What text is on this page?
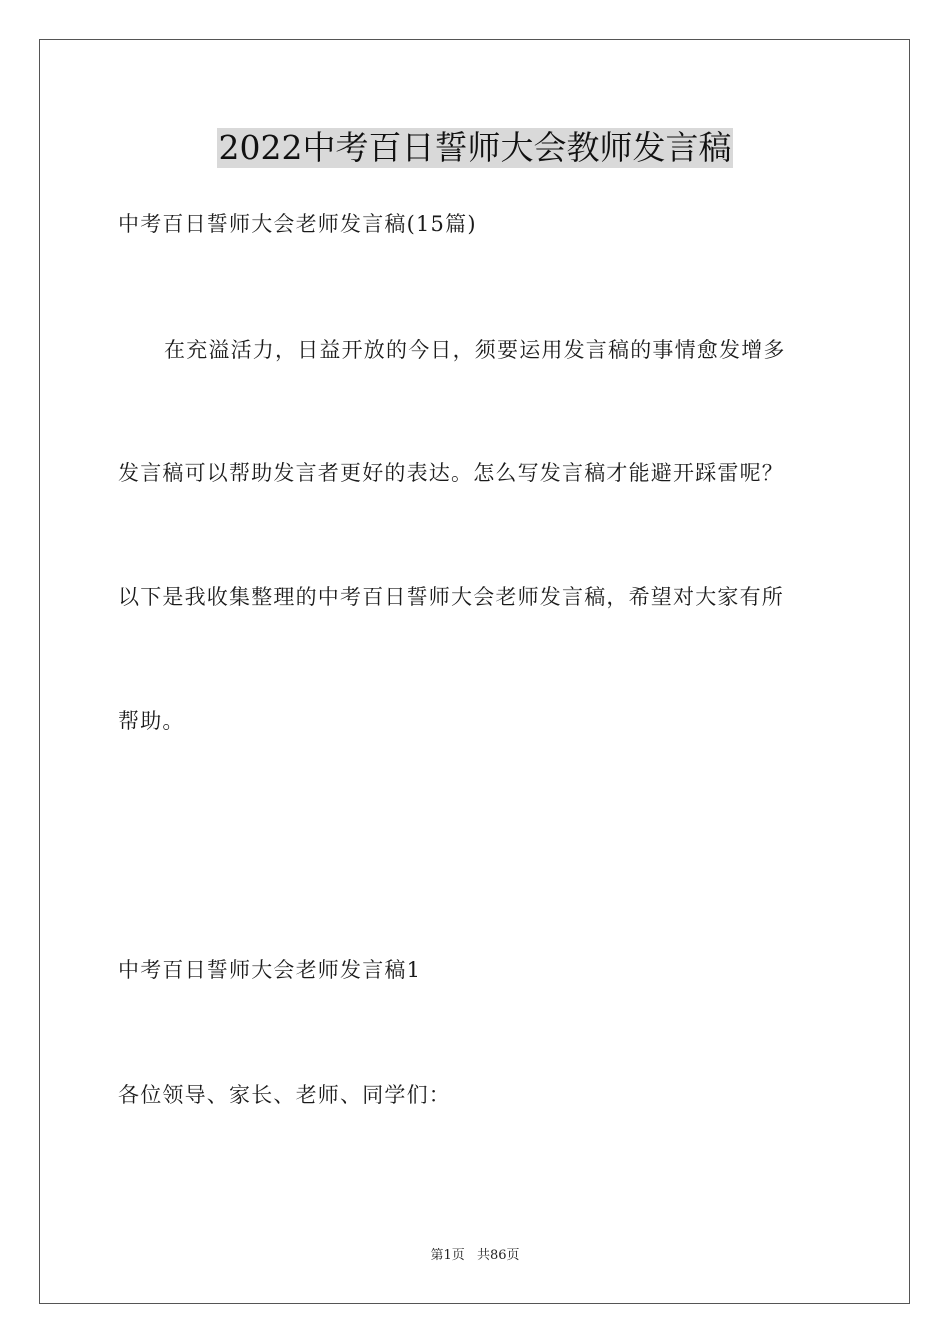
2022中考百日誓师大会教师发言稿
中考百日誓师大会老师发言稿(15篇)
在充溢活力，日益开放的今日，须要运用发言稿的事情愈发增多
发言稿可以帮助发言者更好的表达。怎么写发言稿才能避开踩雷呢？
以下是我收集整理的中考百日誓师大会老师发言稿，希望对大家有所
帮助。
中考百日誓师大会老师发言稿1
各位领导、家长、老师、同学们：
第1页 共86页
